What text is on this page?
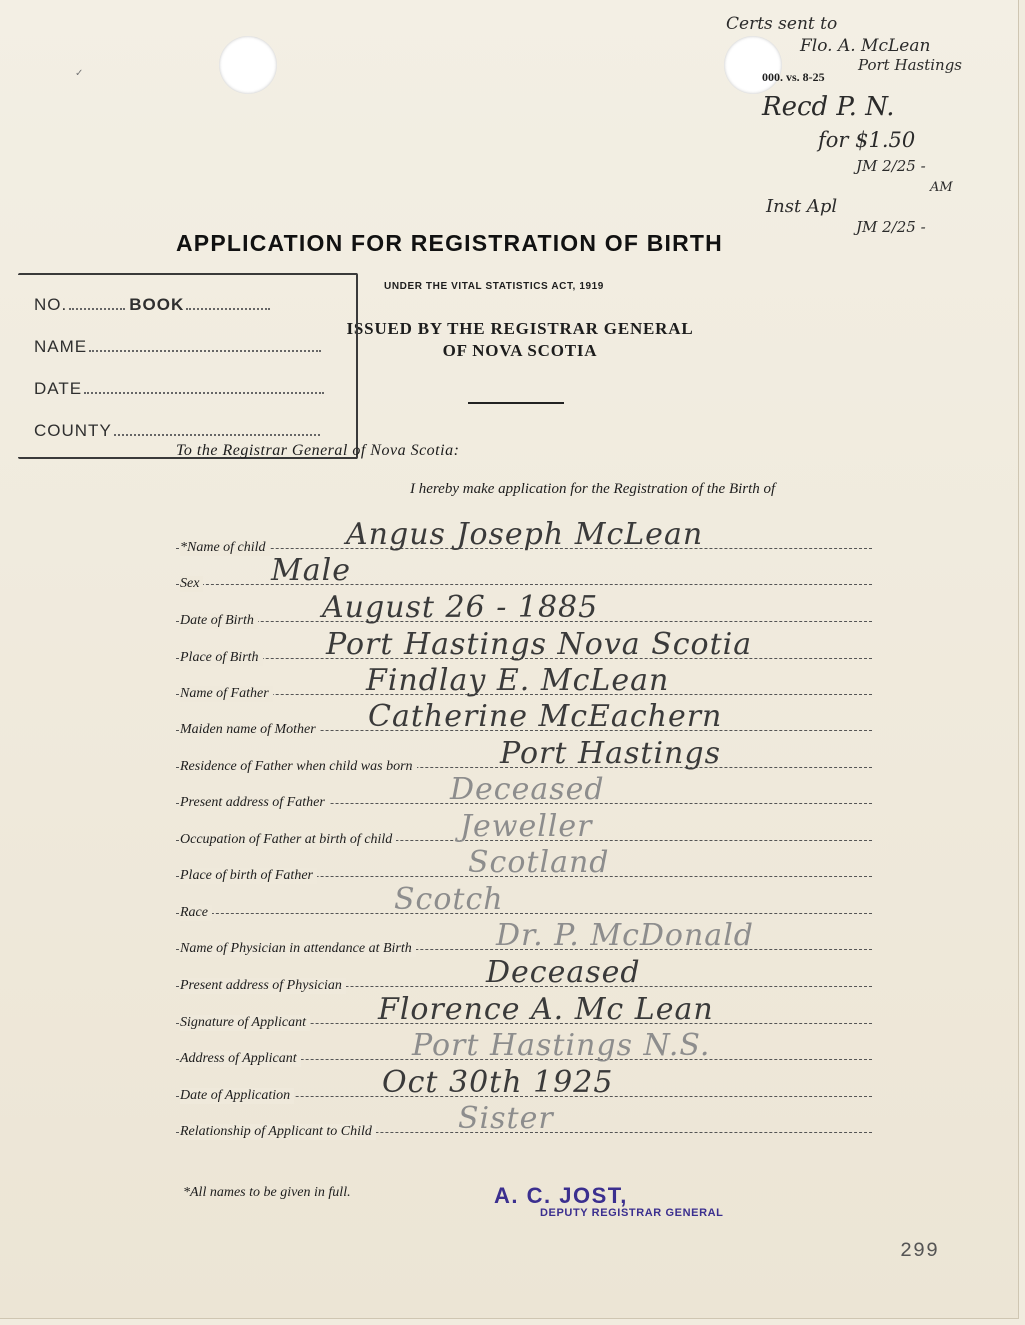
✓	000. vs. 8-25
Certs sent to
Flo. A. McLean
Port Hastings
Recd P. N.
for $1.50
JM 2/25 -
AM
Inst Apl
JM 2/25 -
APPLICATION FOR REGISTRATION OF BIRTH
UNDER THE VITAL STATISTICS ACT, 1919
ISSUED BY THE REGISTRAR GENERAL
OF NOVA SCOTIA
NO.	BOOK
NAME
DATE
COUNTY
To the Registrar General of Nova Scotia:
I hereby make application for the Registration of the Birth of
*Name of child	Angus Joseph McLean
Sex Male
Date of Birth August 26 - 1885
Place of Birth Port Hastings Nova Scotia
Name of Father	Findlay E. McLean
Maiden name of Mother Catherine McEachern
Residence of Father when child was born	Port Hastings
Present address of Father	Deceased
Occupation of Father at birth of child Jeweller
Place of birth of Father	Scotland
Race	Scotch
Name of Physician in attendance at Birth	Dr. P. McDonald
Present address of Physician	Deceased
Signature of Applicant Florence A. Mc Lean
Address of Applicant	Port Hastings N.S.
Date of Application	Oct 30th 1925
Relationship of Applicant to Child	Sister
*All names to be given in full.	A. C. JOST,
DEPUTY REGISTRAR GENERAL
299
